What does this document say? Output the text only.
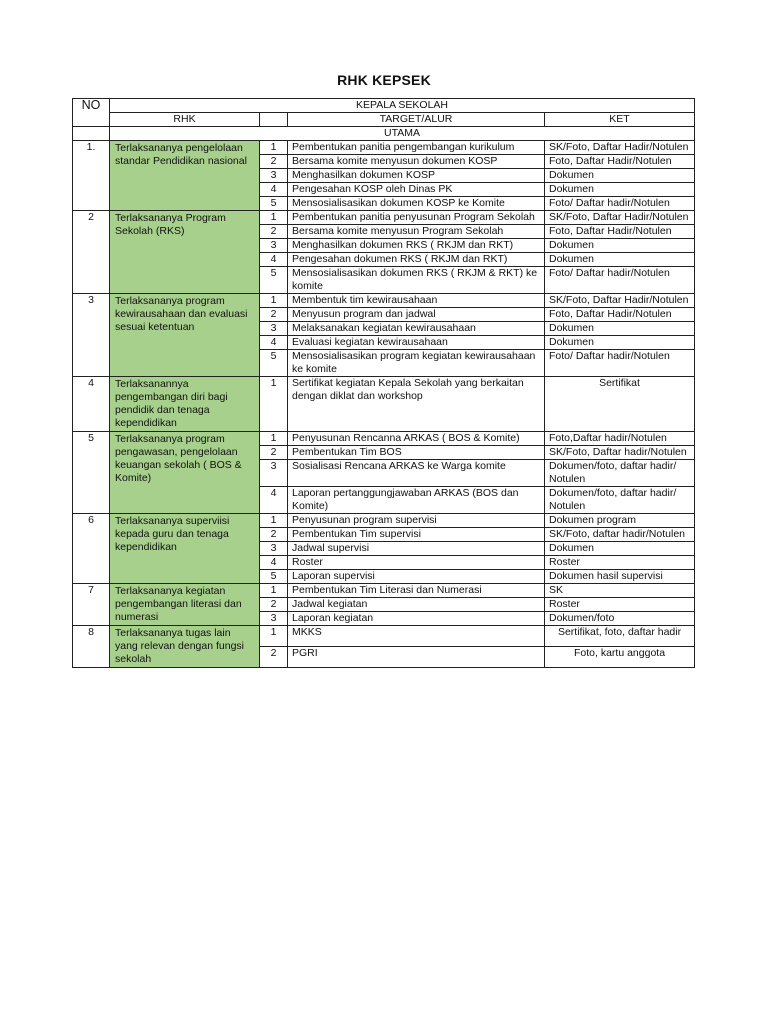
RHK KEPSEK
NO	KEPALA SEKOLAH			
	RHK		TARGET/ALUR	KET
	UTAMA			
1.	Terlaksananya pengelolaan standar Pendidikan nasional	1	Pembentukan panitia pengembangan kurikulum	SK/Foto, Daftar Hadir/Notulen
		2	Bersama komite menyusun dokumen KOSP	Foto, Daftar Hadir/Notulen
		3	Menghasilkan dokumen KOSP	Dokumen
		4	Pengesahan KOSP oleh Dinas PK	Dokumen
		5	Mensosialisasikan dokumen KOSP ke Komite	Foto/ Daftar hadir/Notulen
2	Terlaksananya Program Sekolah (RKS)	1	Pembentukan panitia penyusunan Program Sekolah	SK/Foto, Daftar Hadir/Notulen
		2	Bersama komite menyusun Program Sekolah	Foto, Daftar Hadir/Notulen
		3	Menghasilkan dokumen RKS ( RKJM dan RKT)	Dokumen
		4	Pengesahan dokumen RKS ( RKJM dan RKT)	Dokumen
		5	Mensosialisasikan dokumen RKS ( RKJM & RKT) ke komite	Foto/ Daftar hadir/Notulen
3	Terlaksananya program kewirausahaan dan evaluasi sesuai ketentuan	1	Membentuk tim kewirausahaan	SK/Foto, Daftar Hadir/Notulen
		2	Menyusun program dan jadwal	Foto, Daftar Hadir/Notulen
		3	Melaksanakan kegiatan kewirausahaan	Dokumen
		4	Evaluasi kegiatan kewirausahaan	Dokumen
		5	Mensosialisasikan program kegiatan kewirausahaan ke komite	Foto/ Daftar hadir/Notulen
4	Terlaksanannya pengembangan diri bagi pendidik dan tenaga kependidikan	1	Sertifikat kegiatan Kepala Sekolah yang berkaitan dengan diklat dan workshop	Sertifikat
5	Terlaksananya program pengawasan, pengelolaan keuangan sekolah ( BOS & Komite)	1	Penyusunan Rencanna ARKAS ( BOS & Komite)	Foto,Daftar hadir/Notulen
		2	Pembentukan Tim BOS	SK/Foto, Daftar hadir/Notulen
		3	Sosialisasi Rencana ARKAS ke Warga komite	Dokumen/foto, daftar hadir/ Notulen
		4	Laporan pertanggungjawaban ARKAS (BOS dan Komite)	Dokumen/foto, daftar hadir/ Notulen
6	Terlaksananya superviisi kepada guru dan tenaga kependidikan	1	Penyusunan program supervisi	Dokumen program
		2	Pembentukan Tim supervisi	SK/Foto, daftar hadir/Notulen
		3	Jadwal supervisi	Dokumen
		4	Roster	Roster
		5	Laporan supervisi	Dokumen hasil supervisi
7	Terlaksananya kegiatan pengembangan literasi dan numerasi	1	Pembentukan Tim Literasi dan Numerasi	SK
		2	Jadwal kegiatan	Roster
		3	Laporan kegiatan	Dokumen/foto
8	Terlaksananya tugas lain yang relevan dengan fungsi sekolah	1	MKKS	Sertifikat, foto, daftar hadir
		2	PGRI	Foto, kartu anggota
